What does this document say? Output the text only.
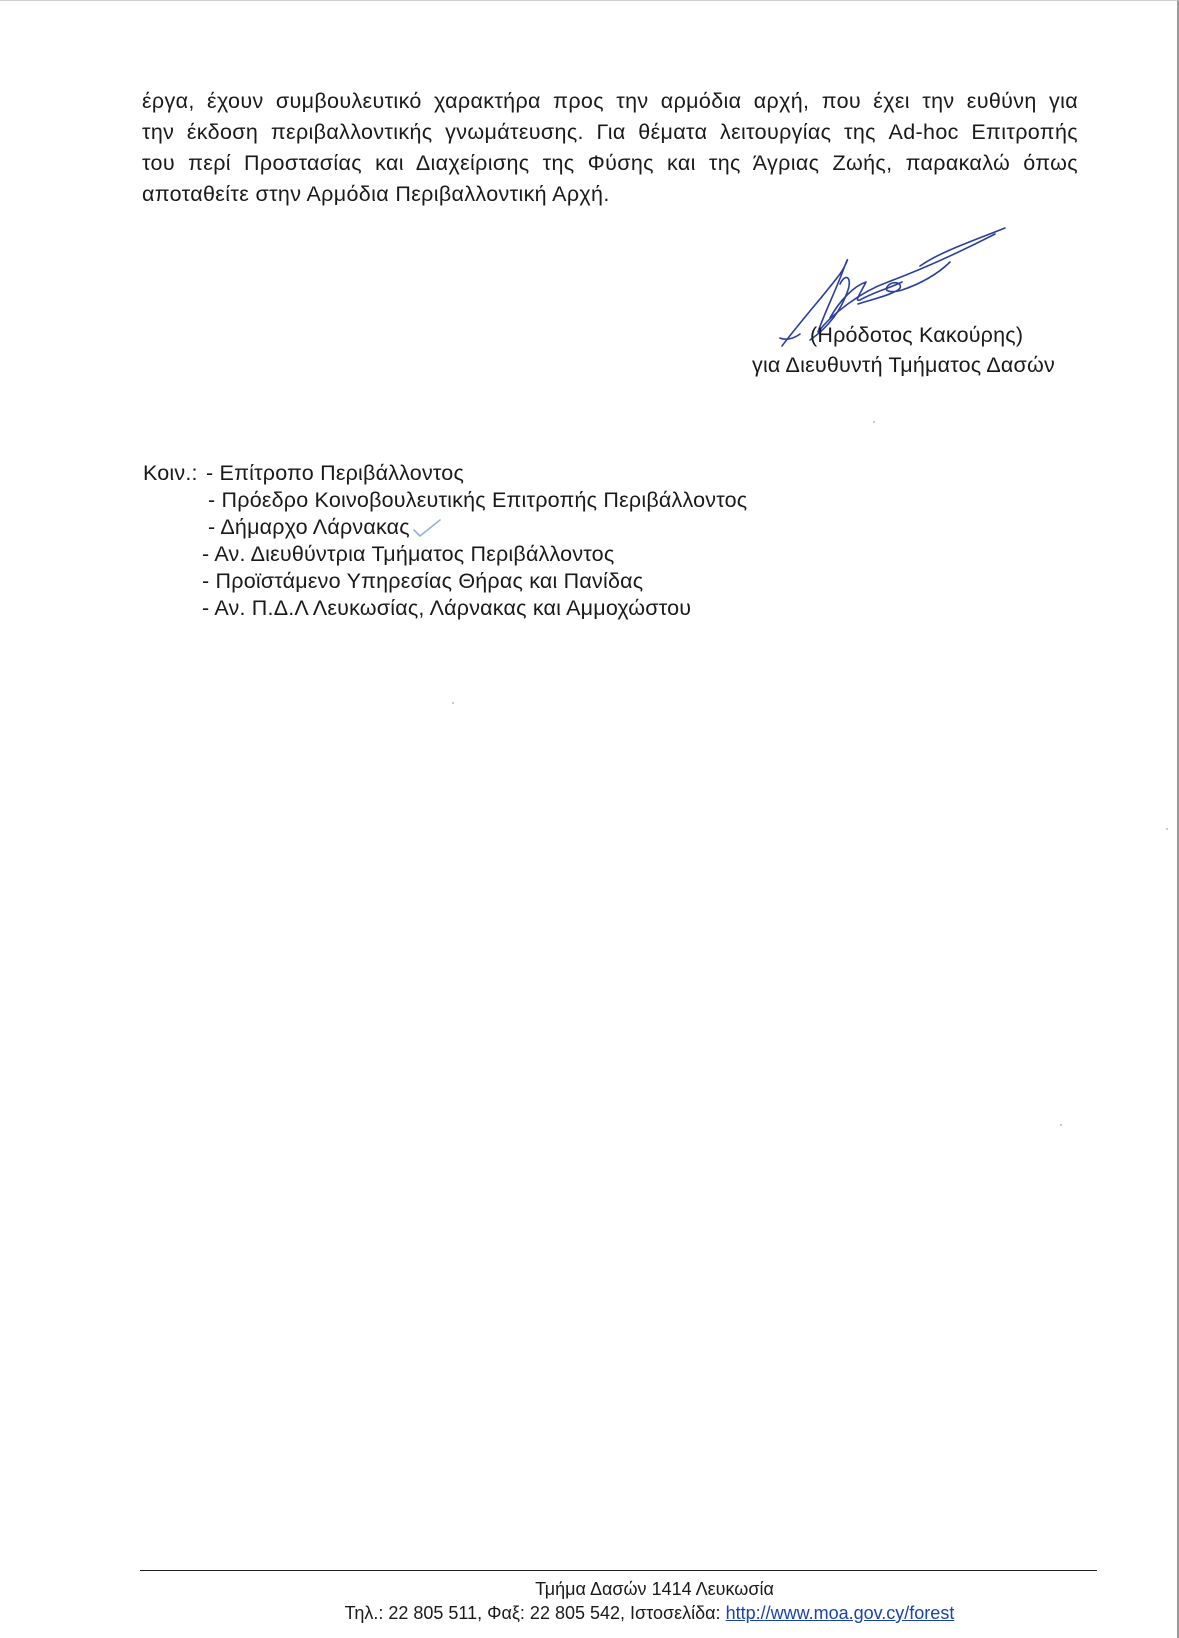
έργα, έχουν συμβουλευτικό χαρακτήρα προς την αρμόδια αρχή, που έχει την ευθύνη για
την έκδοση περιβαλλοντικής γνωμάτευσης. Για θέματα λειτουργίας της Ad-hoc Επιτροπής
του περί Προστασίας και Διαχείρισης της Φύσης και της Άγριας Ζωής, παρακαλώ όπως
αποταθείτε στην Αρμόδια Περιβαλλοντική Αρχή.
(Ηρόδοτος Κακούρης)
για Διευθυντή Τμήματος Δασών
Κοιν.: - Επίτροπο Περιβάλλοντος
- Πρόεδρο Κοινοβουλευτικής Επιτροπής Περιβάλλοντος
- Δήμαρχο Λάρνακας
- Αν. Διευθύντρια Τμήματος Περιβάλλοντος
- Προϊστάμενο Υπηρεσίας Θήρας και Πανίδας
- Αν. Π.Δ.Λ Λευκωσίας, Λάρνακας και Αμμοχώστου
Τμήμα Δασών 1414 Λευκωσία
Τηλ.: 22 805 511, Φαξ: 22 805 542, Ιστοσελίδα: http://www.moa.gov.cy/forest
